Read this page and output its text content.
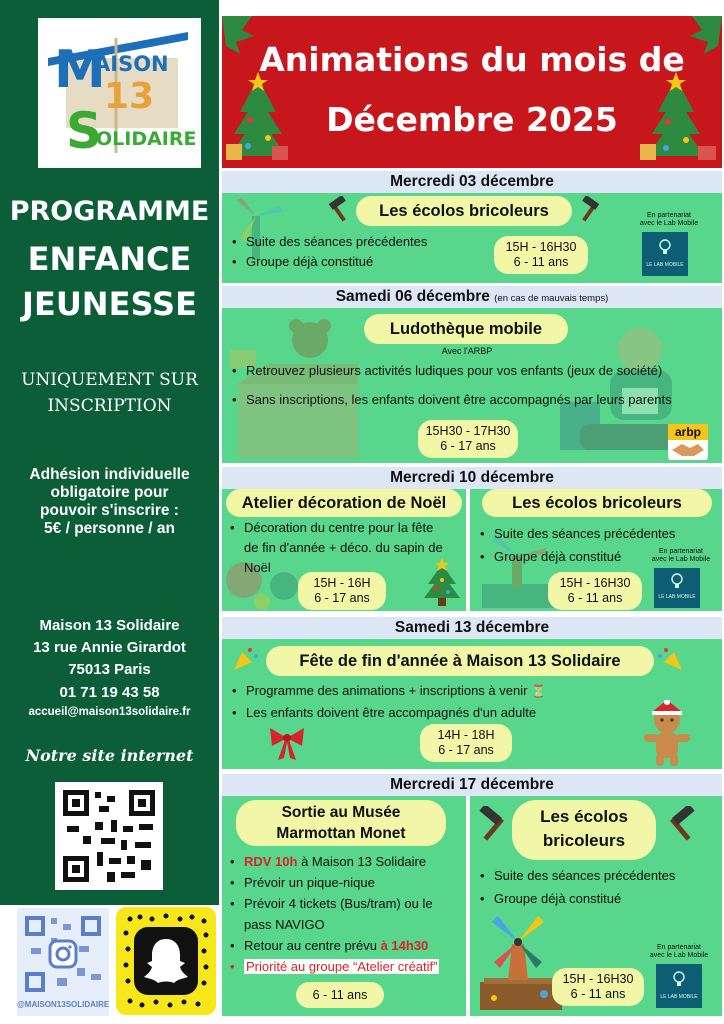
M
AISON
13
S
OLIDAIRE
PROGRAMME
ENFANCE
JEUNESSE
UNIQUEMENT SUR
INSCRIPTION
Adhésion individuelle
obligatoire pour
pouvoir s'inscrire :
5€ / personne / an
Maison 13 Solidaire
13 rue Annie Girardot
75013 Paris
01 71 19 43 58
accueil@maison13solidaire.fr
Notre site internet
@MAISON13SOLIDAIRE
Animations du mois de
Décembre 2025
Mercredi 03 décembre
Les écolos bricoleurs
• Suite des séances précédentes
• Groupe déjà constitué
15H - 16H30
6 - 11 ans
En partenariat
avec le Lab Mobile
LE LAB MOBILE
Samedi 06 décembre (en cas de mauvais temps)
Ludothèque mobile
Avec l'ARBP
• Retrouvez plusieurs activités ludiques pour vos enfants (jeux de société)
• Sans inscriptions, les enfants doivent être accompagnés par leurs parents
15H30 - 17H30
6 - 17 ans
arbp
Mercredi 10 décembre
Atelier décoration de Noël
• Décoration du centre pour la fête
de fin d'année + déco. du sapin de
Noël
15H - 16H
6 - 17 ans
Les écolos bricoleurs
• Suite des séances précédentes
• Groupe déjà constitué	En partenariat
avec le Lab Mobile
15H - 16H30
6 - 11 ans	LE LAB MOBILE
Samedi 13 décembre
Fête de fin d'année à Maison 13 Solidaire
• Programme des animations + inscriptions à venir ⏳
• Les enfants doivent être accompagnés d'un adulte
14H - 18H
6 - 17 ans
Mercredi 17 décembre
Sortie au Musée
Marmottan Monet
• RDV 10h à Maison 13 Solidaire
• Prévoir un pique-nique
• Prévoir 4 tickets (Bus/tram) ou le
pass NAVIGO
• Retour au centre prévu à 14h30
• Priorité au groupe “Atelier créatif”
6 - 11 ans
Les écolos
bricoleurs
• Suite des séances précédentes
• Groupe déjà constitué
En partenariat
avec le Lab Mobile
15H - 16H30
6 - 11 ans	LE LAB MOBILE
